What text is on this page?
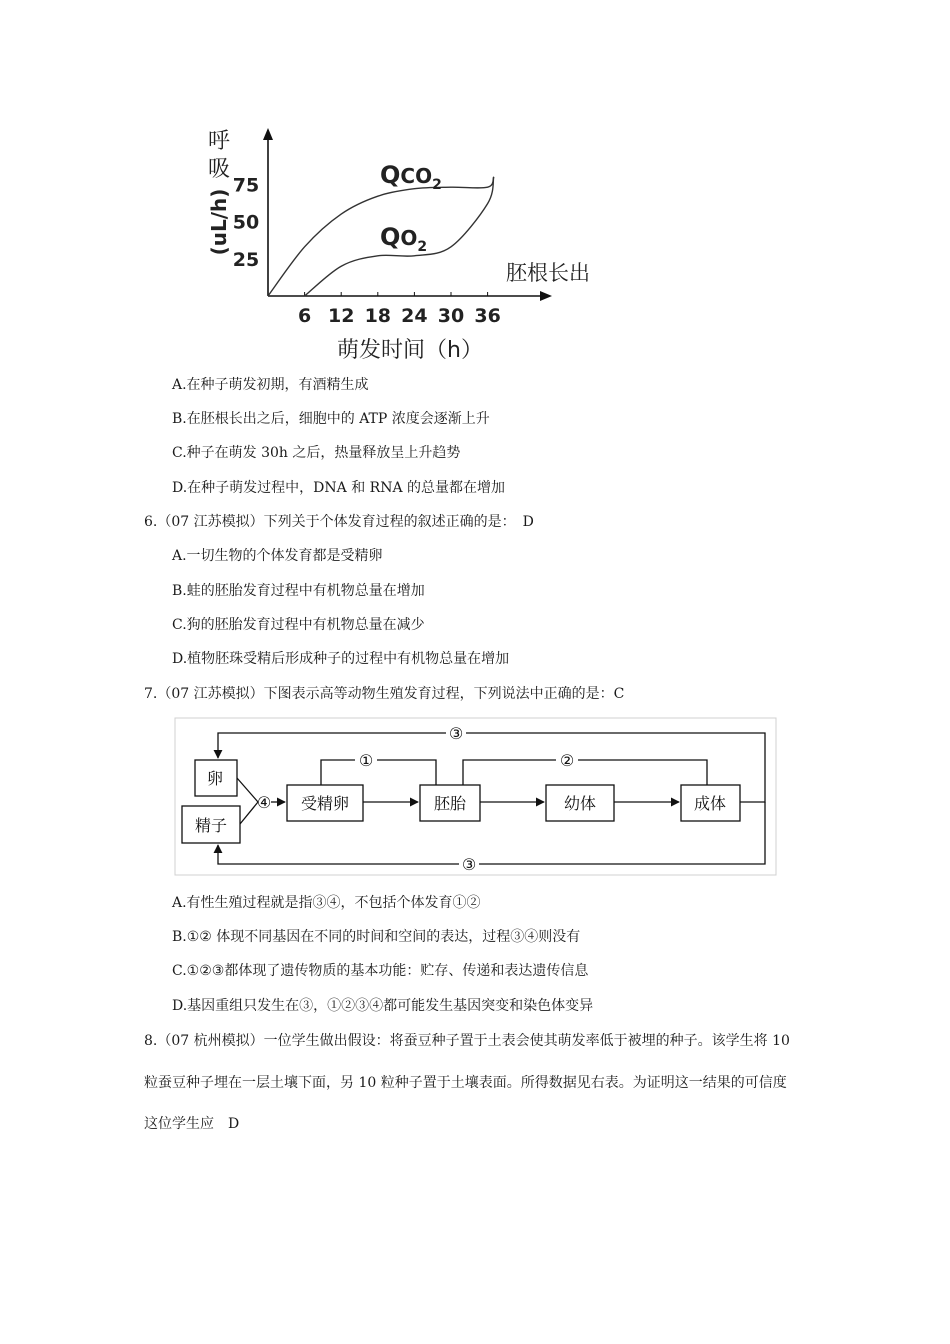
6 12 18 24 30 36
25
50
75
呼
吸
(uL/h)
萌发时间（h）
胚根长出
$QCO_2$
$QO_2$
A.在种子萌发初期，有酒精生成
B.在胚根长出之后，细胞中的 ATP 浓度会逐渐上升
C.种子在萌发 30h 之后，热量释放呈上升趋势
D.在种子萌发过程中，DNA 和 RNA 的总量都在增加
6.（07 江苏模拟）下列关于个体发育过程的叙述正确的是：　D
A.一切生物的个体发育都是受精卵
B.蛙的胚胎发育过程中有机物总量在增加
C.狗的胚胎发育过程中有机物总量在减少
D.植物胚珠受精后形成种子的过程中有机物总量在增加
7.（07 江苏模拟）下图表示高等动物生殖发育过程，下列说法中正确的是：C
卵
精子
受精卵	胚胎	幼体	成体
①	②
③
③
④
A.有性生殖过程就是指③④，不包括个体发育①②
B.①② 体现不同基因在不同的时间和空间的表达，过程③④则没有
C.①②③都体现了遗传物质的基本功能：贮存、传递和表达遗传信息
D.基因重组只发生在③，①②③④都可能发生基因突变和染色体变异
8.（07 杭州模拟）一位学生做出假设：将蚕豆种子置于土表会使其萌发率低于被埋的种子。该学生将 10
粒蚕豆种子埋在一层土壤下面，另 10 粒种子置于土壤表面。所得数据见右表。为证明这一结果的可信度
这位学生应　D
